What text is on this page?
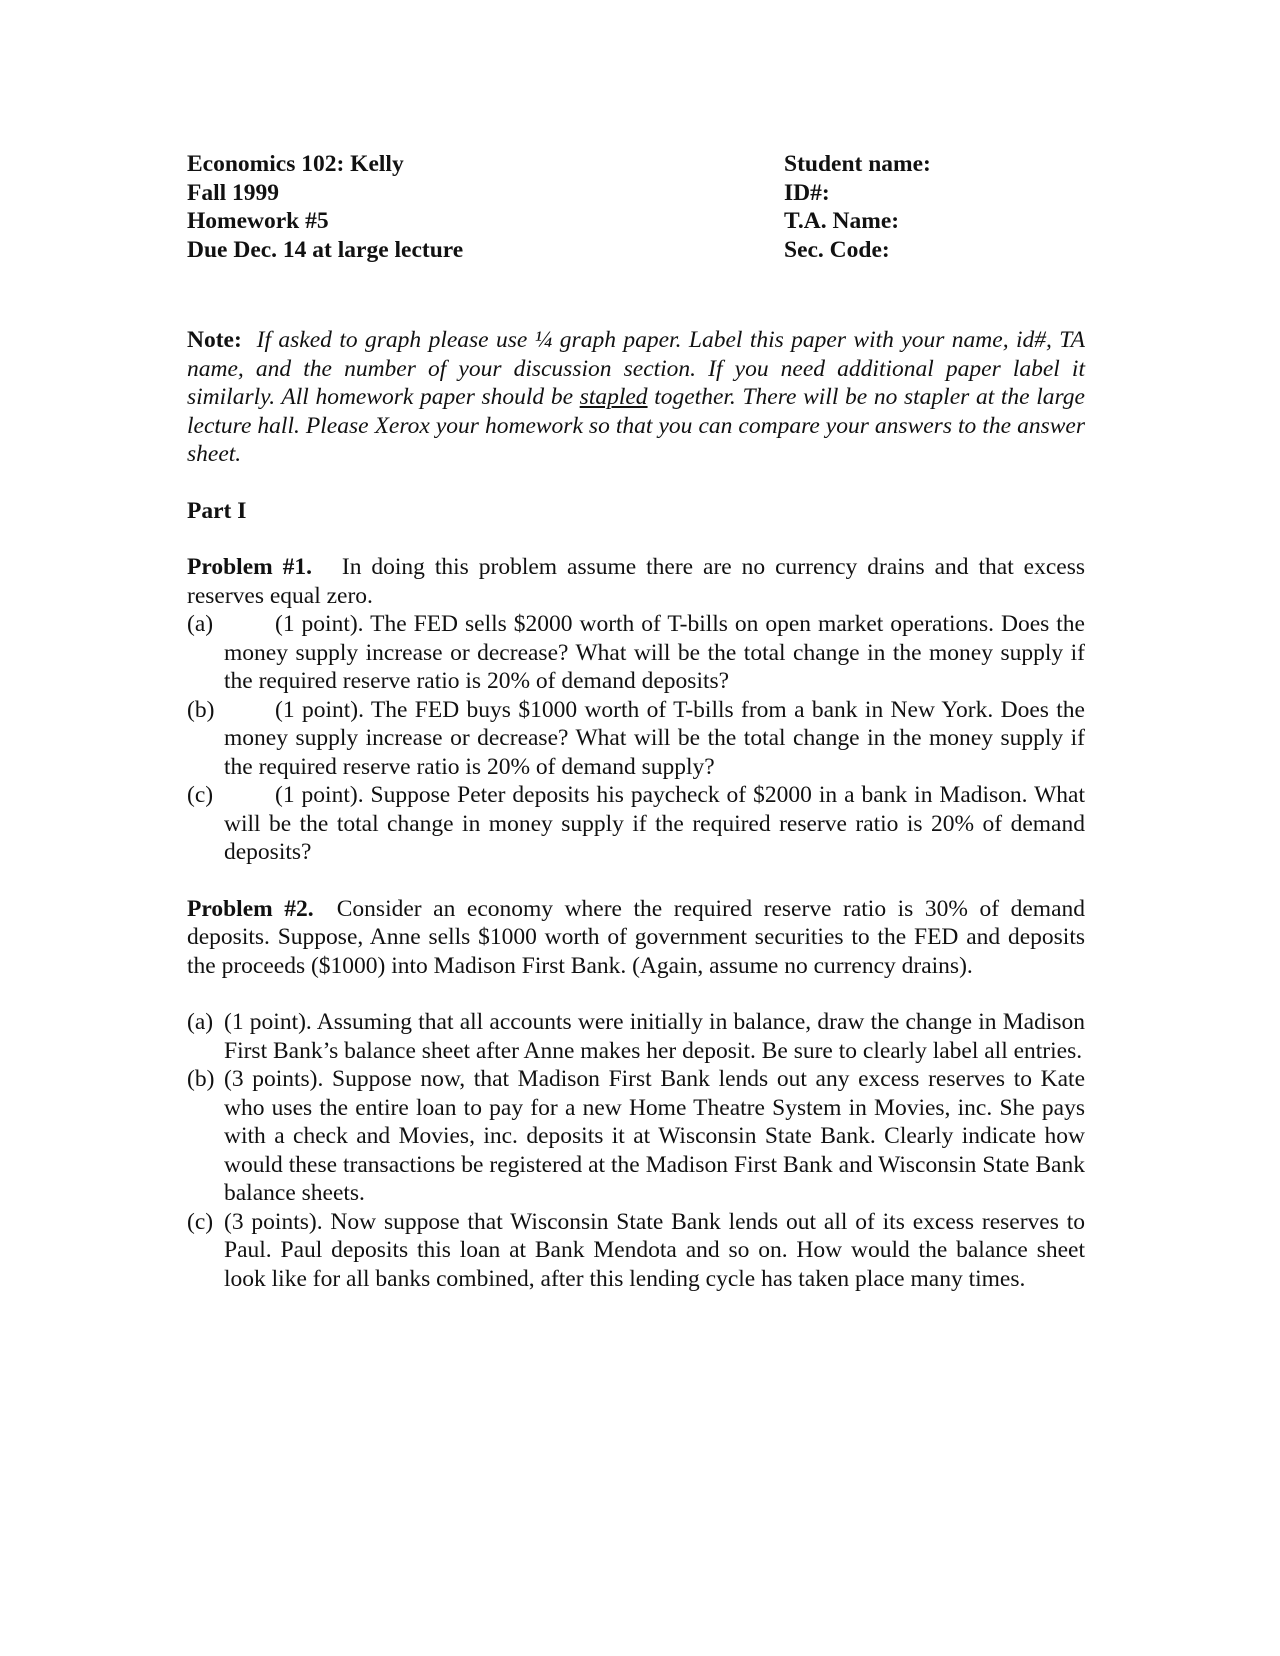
Economics 102: Kelly
Fall 1999
Homework #5
Due Dec. 14 at large lecture
Student name:
ID#:
T.A. Name:
Sec. Code:
Note: If asked to graph please use ¼ graph paper. Label this paper with your name, id#, TA name, and the number of your discussion section. If you need additional paper label it similarly. All homework paper should be stapled together. There will be no stapler at the large lecture hall. Please Xerox your homework so that you can compare your answers to the answer sheet.
Part I
Problem #1. In doing this problem assume there are no currency drains and that excess reserves equal zero.
(a)	(1 point). The FED sells $2000 worth of T-bills on open market operations. Does the money supply increase or decrease? What will be the total change in the money supply if the required reserve ratio is 20% of demand deposits?
(b)	(1 point). The FED buys $1000 worth of T-bills from a bank in New York. Does the money supply increase or decrease? What will be the total change in the money supply if the required reserve ratio is 20% of demand supply?
(c)	(1 point). Suppose Peter deposits his paycheck of $2000 in a bank in Madison. What will be the total change in money supply if the required reserve ratio is 20% of demand deposits?
Problem #2. Consider an economy where the required reserve ratio is 30% of demand deposits. Suppose, Anne sells $1000 worth of government securities to the FED and deposits the proceeds ($1000) into Madison First Bank. (Again, assume no currency drains).
(a) (1 point). Assuming that all accounts were initially in balance, draw the change in Madison First Bank’s balance sheet after Anne makes her deposit. Be sure to clearly label all entries.
(b) (3 points). Suppose now, that Madison First Bank lends out any excess reserves to Kate who uses the entire loan to pay for a new Home Theatre System in Movies, inc. She pays with a check and Movies, inc. deposits it at Wisconsin State Bank. Clearly indicate how would these transactions be registered at the Madison First Bank and Wisconsin State Bank balance sheets.
(c) (3 points). Now suppose that Wisconsin State Bank lends out all of its excess reserves to Paul. Paul deposits this loan at Bank Mendota and so on. How would the balance sheet look like for all banks combined, after this lending cycle has taken place many times.
